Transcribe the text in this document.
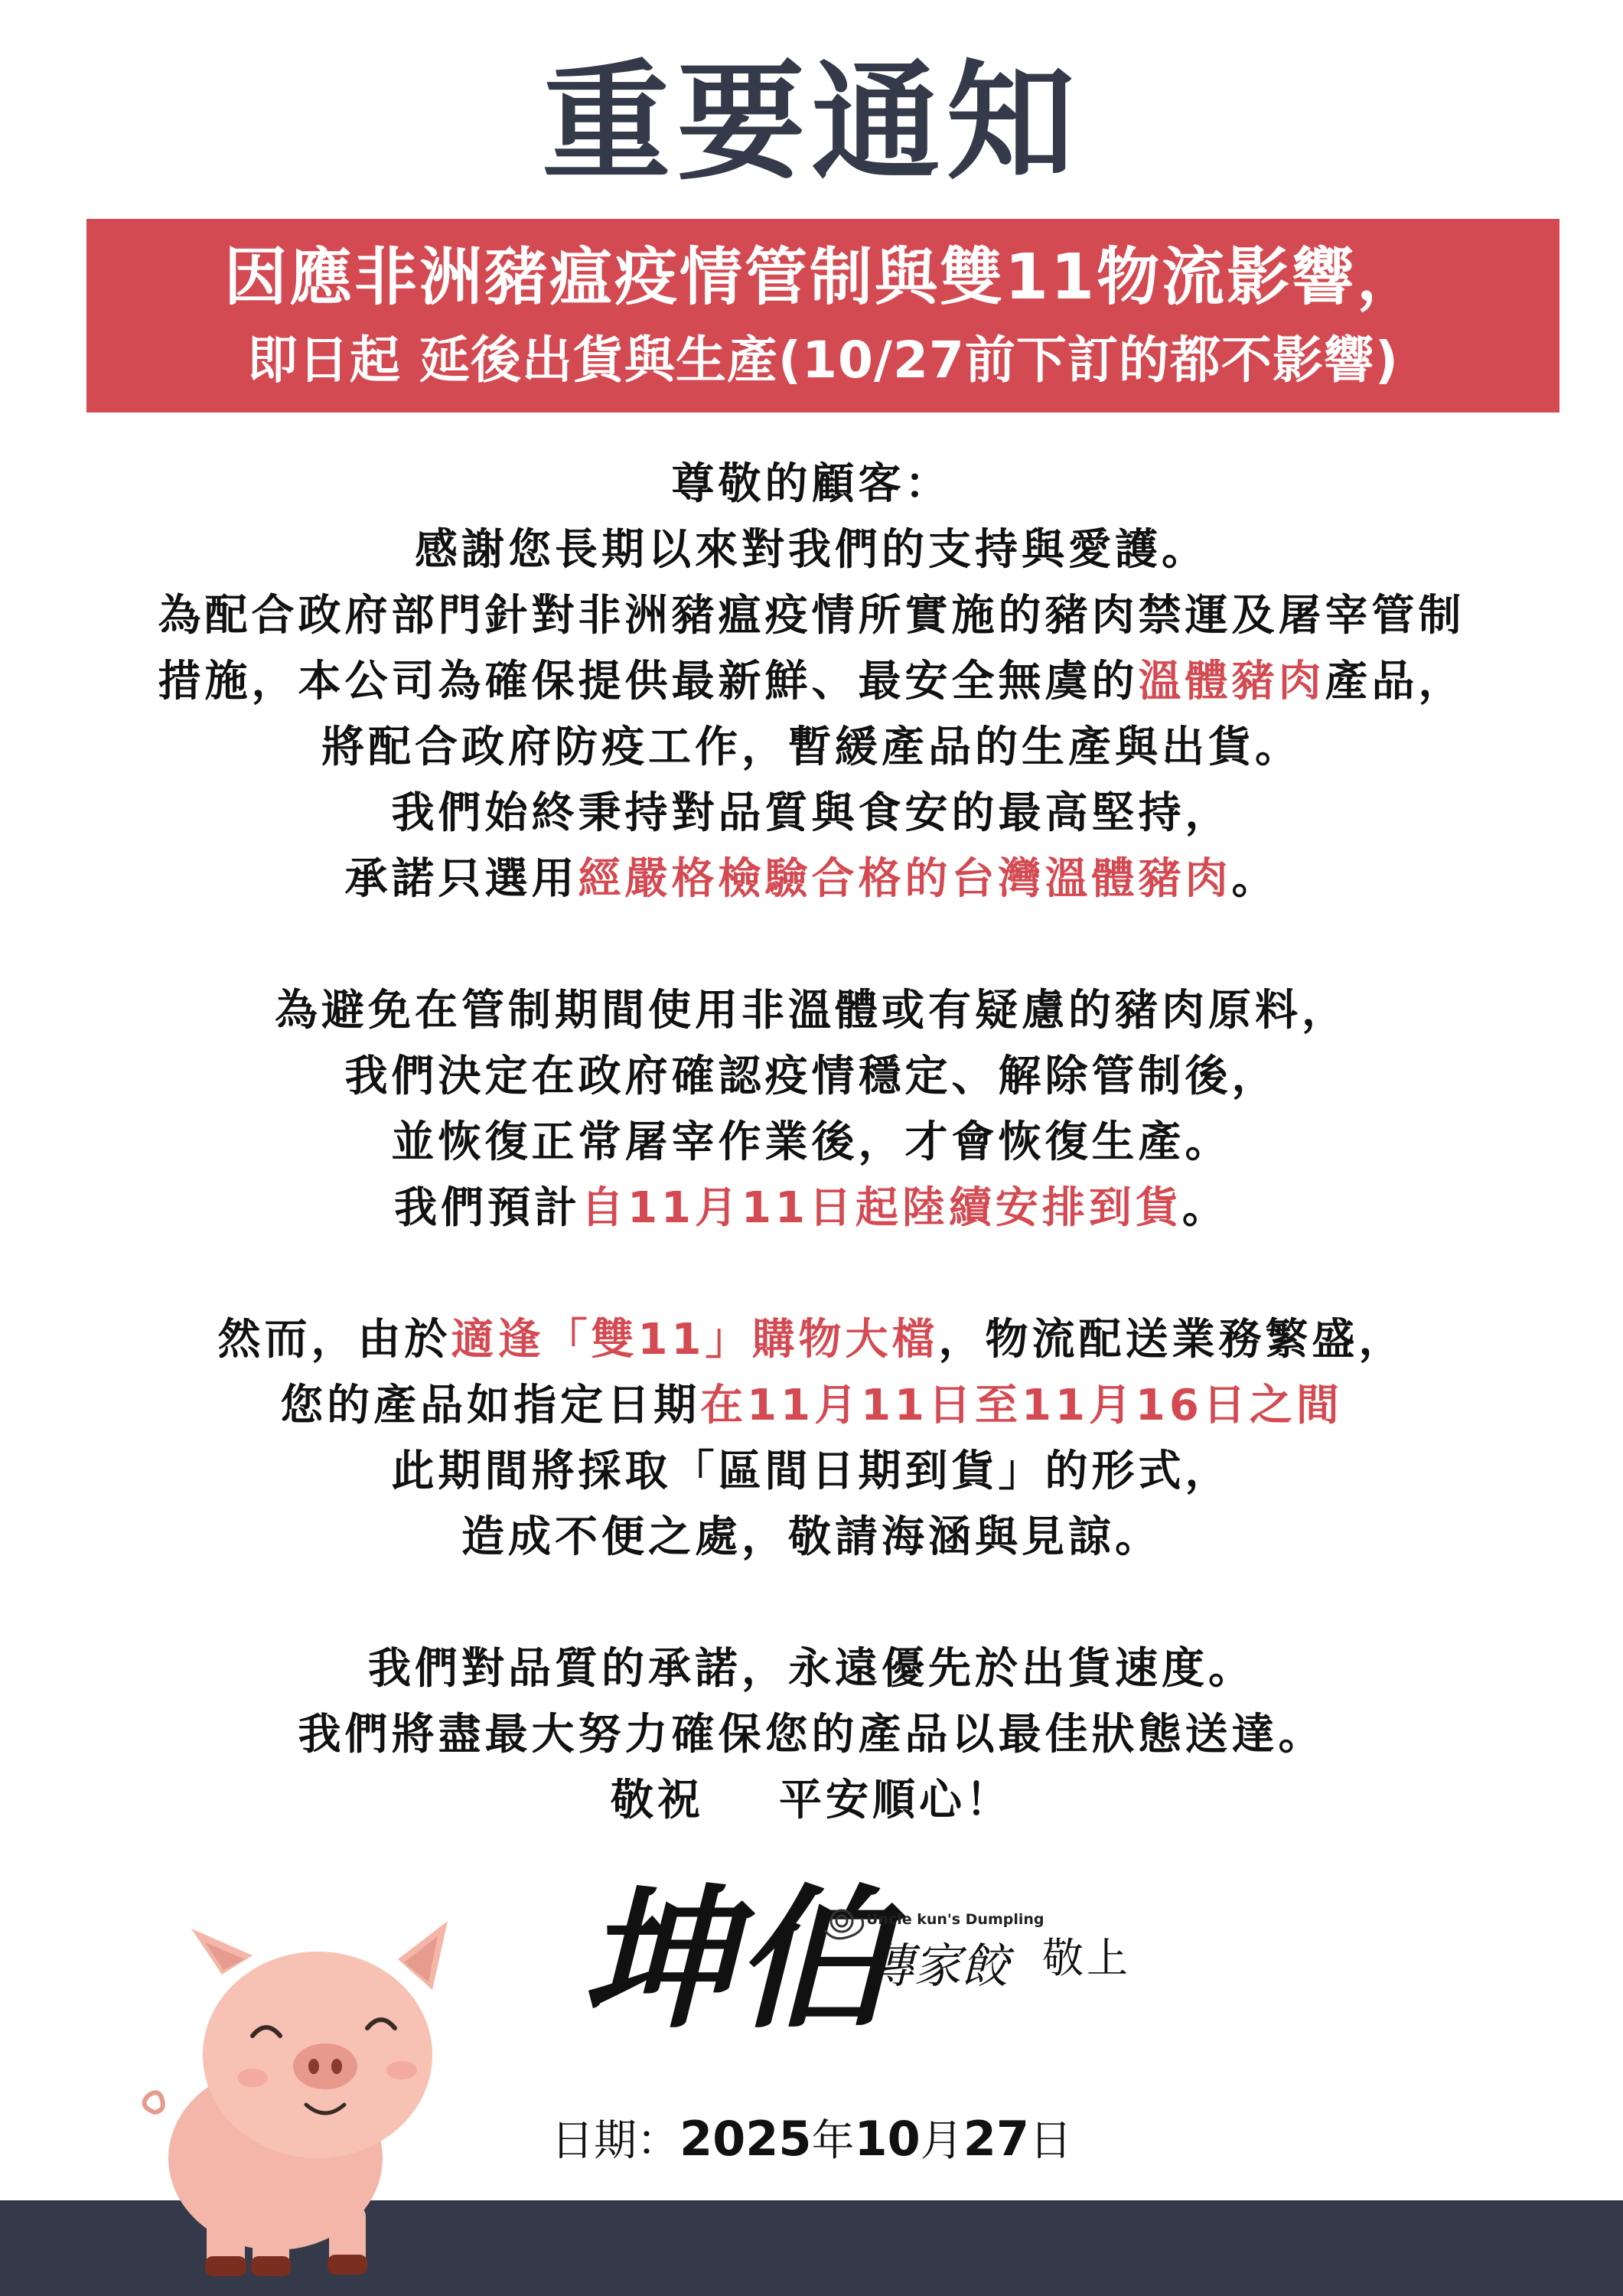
重要通知
因應非洲豬瘟疫情管制與雙11物流影響，
即日起 延後出貨與生產(10/27前下訂的都不影響)
尊敬的顧客：
感謝您長期以來對我們的支持與愛護。
為配合政府部門針對非洲豬瘟疫情所實施的豬肉禁運及屠宰管制
措施，本公司為確保提供最新鮮、最安全無虞的溫體豬肉產品，
將配合政府防疫工作，暫緩產品的生產與出貨。
我們始終秉持對品質與食安的最高堅持，
承諾只選用經嚴格檢驗合格的台灣溫體豬肉。
為避免在管制期間使用非溫體或有疑慮的豬肉原料，
我們決定在政府確認疫情穩定、解除管制後，
並恢復正常屠宰作業後，才會恢復生產。
我們預計自11月11日起陸續安排到貨。
然而，由於適逢「雙11」購物大檔，物流配送業務繁盛，
您的產品如指定日期在11月11日至11月16日之間
此期間將採取「區間日期到貨」的形式，
造成不便之處，敬請海涵與見諒。
我們對品質的承諾，永遠優先於出貨速度。
我們將盡最大努力確保您的產品以最佳狀態送達。
敬祝    平安順心！
坤伯
Uncle kun's Dumpling
傳家餃 敬上
日期：2025年10月27日
